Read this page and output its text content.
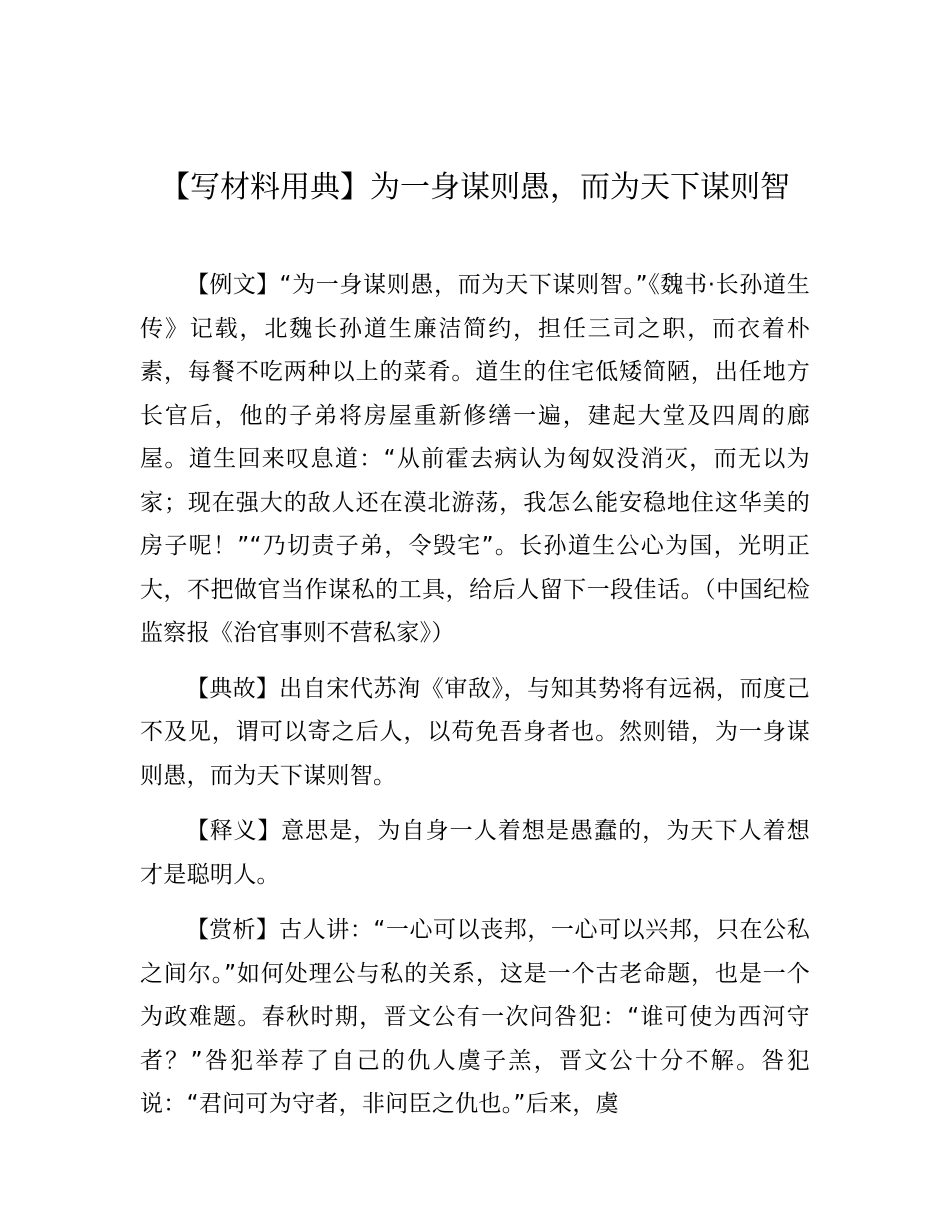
【写材料用典】为一身谋则愚，而为天下谋则智

【例文】“为一身谋则愚，而为天下谋则智。”《魏书·长孙道生传》记载，北魏长孙道生廉洁简约，担任三司之职，而衣着朴素，每餐不吃两种以上的菜肴。道生的住宅低矮简陋，出任地方长官后，他的子弟将房屋重新修缮一遍，建起大堂及四周的廊屋。道生回来叹息道：“从前霍去病认为匈奴没消灭，而无以为家；现在强大的敌人还在漠北游荡，我怎么能安稳地住这华美的房子呢！”“乃切责子弟，令毁宅”。长孙道生公心为国，光明正大，不把做官当作谋私的工具，给后人留下一段佳话。（中国纪检监察报《治官事则不营私家》）

【典故】出自宋代苏洵《审敌》，与知其势将有远祸，而度己不及见，谓可以寄之后人，以苟免吾身者也。然则错，为一身谋则愚，而为天下谋则智。

【释义】意思是，为自身一人着想是愚蠢的，为天下人着想才是聪明人。

【赏析】古人讲：“一心可以丧邦，一心可以兴邦，只在公私之间尔。”如何处理公与私的关系，这是一个古老命题，也是一个为政难题。春秋时期，晋文公有一次问咎犯：“谁可使为西河守者？”咎犯举荐了自己的仇人虞子羔，晋文公十分不解。咎犯说：“君问可为守者，非问臣之仇也。”后来，虞
